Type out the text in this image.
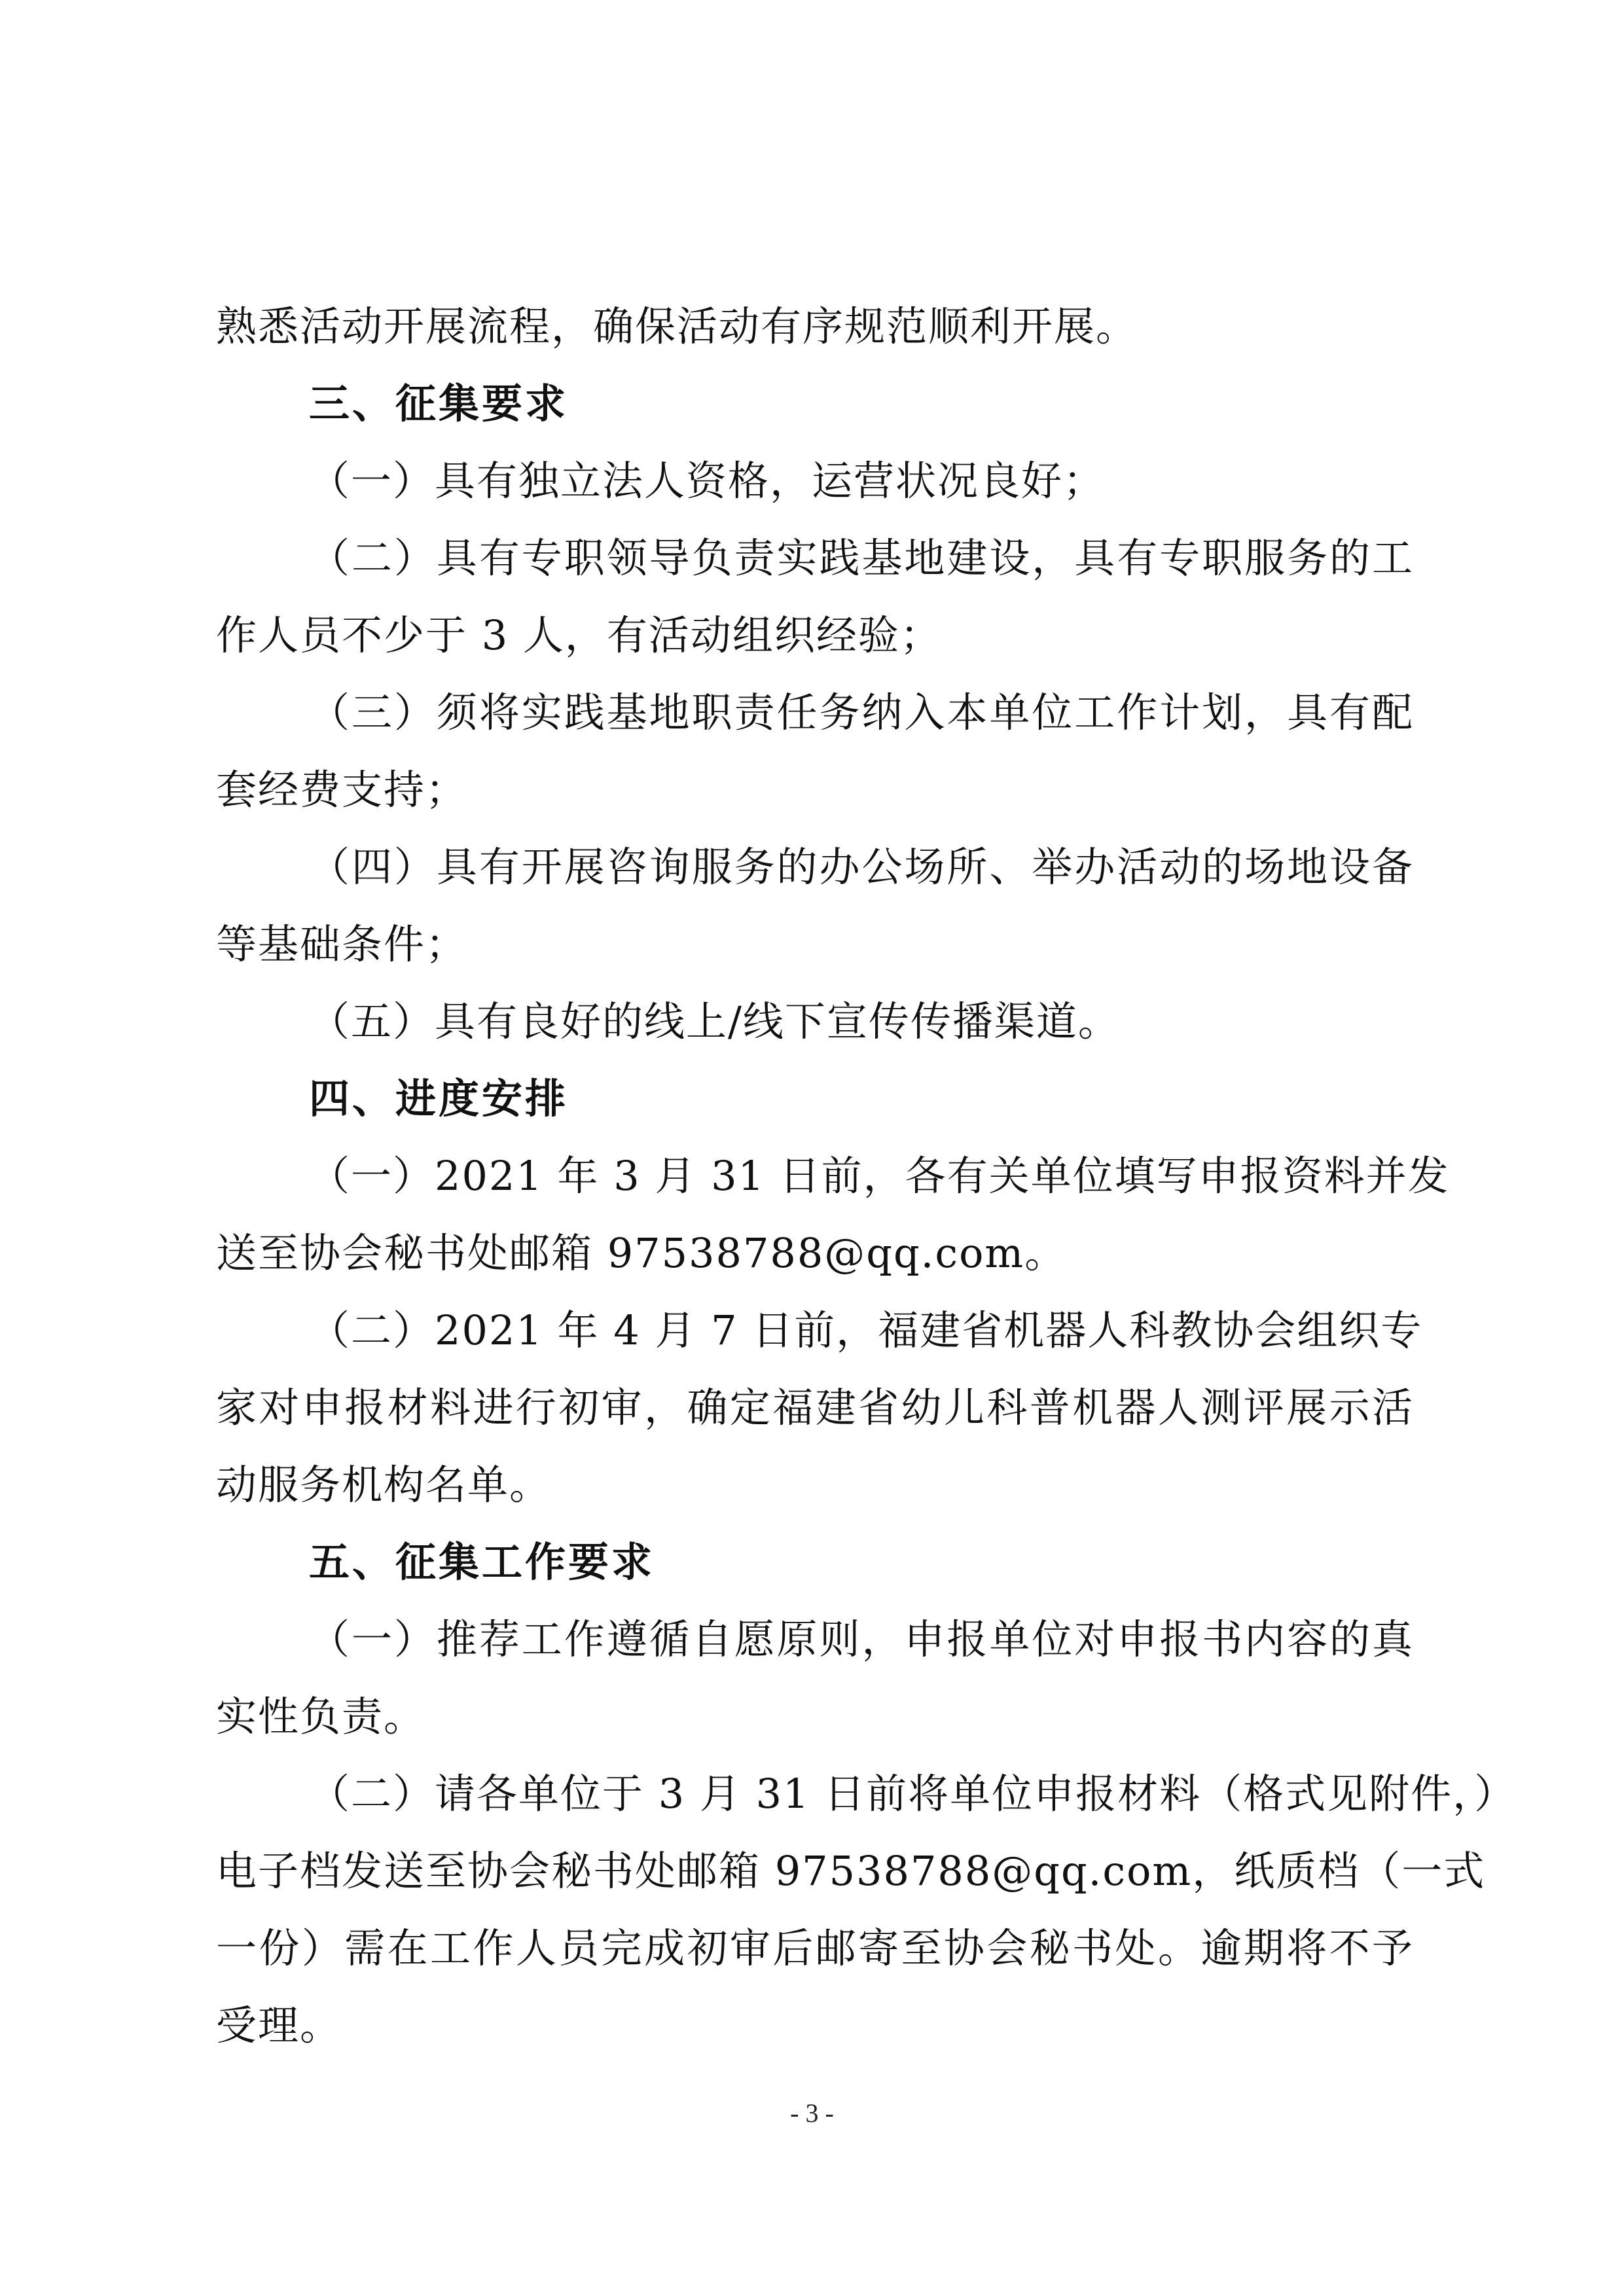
熟悉活动开展流程，确保活动有序规范顺利开展。
三、征集要求
（一）具有独立法人资格，运营状况良好；
（二）具有专职领导负责实践基地建设，具有专职服务的工
作人员不少于 3 人，有活动组织经验；
（三）须将实践基地职责任务纳入本单位工作计划，具有配
套经费支持；
（四）具有开展咨询服务的办公场所、举办活动的场地设备
等基础条件；
（五）具有良好的线上/线下宣传传播渠道。
四、进度安排
（一）2021 年 3 月 31 日前，各有关单位填写申报资料并发
送至协会秘书处邮箱 97538788@qq.com。
（二）2021 年 4 月 7 日前，福建省机器人科教协会组织专
家对申报材料进行初审，确定福建省幼儿科普机器人测评展示活
动服务机构名单。
五、征集工作要求
（一）推荐工作遵循自愿原则，申报单位对申报书内容的真
实性负责。
（二）请各单位于 3 月 31 日前将单位申报材料（格式见附件，）
电子档发送至协会秘书处邮箱 97538788@qq.com，纸质档（一式
一份）需在工作人员完成初审后邮寄至协会秘书处。逾期将不予
受理。
- 3 -
